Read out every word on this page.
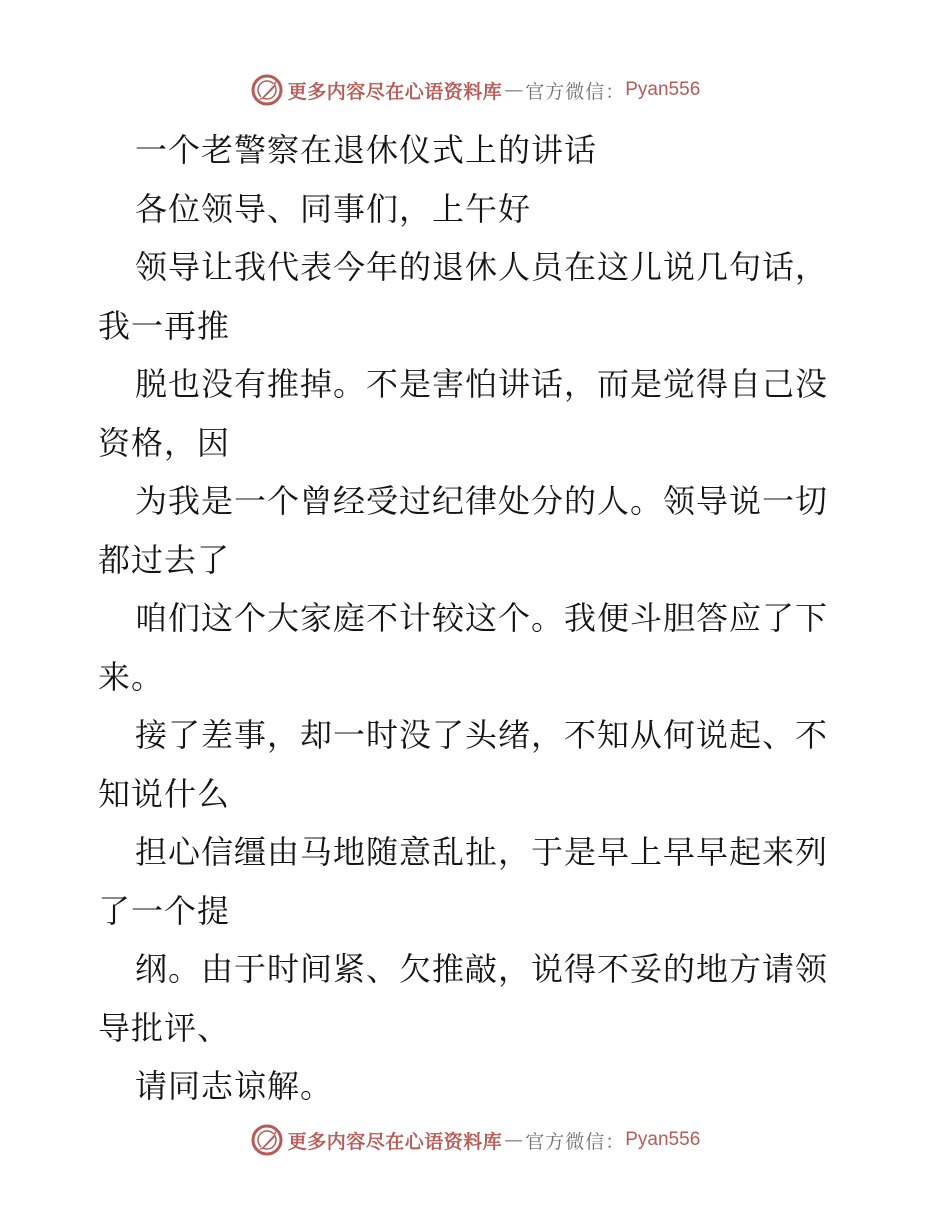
更多内容尽在心语资料库 — 官方微信： Pyan556
一个老警察在退休仪式上的讲话
各位领导、同事们，上午好
领导让我代表今年的退休人员在这儿说几句话，
我一再推
脱也没有推掉。不是害怕讲话，而是觉得自己没
资格，因
为我是一个曾经受过纪律处分的人。领导说一切
都过去了
咱们这个大家庭不计较这个。我便斗胆答应了下
来。
接了差事，却一时没了头绪，不知从何说起、不
知说什么
担心信缰由马地随意乱扯，于是早上早早起来列
了一个提
纲。由于时间紧、欠推敲，说得不妥的地方请领
导批评、
请同志谅解。
更多内容尽在心语资料库 — 官方微信： Pyan556
